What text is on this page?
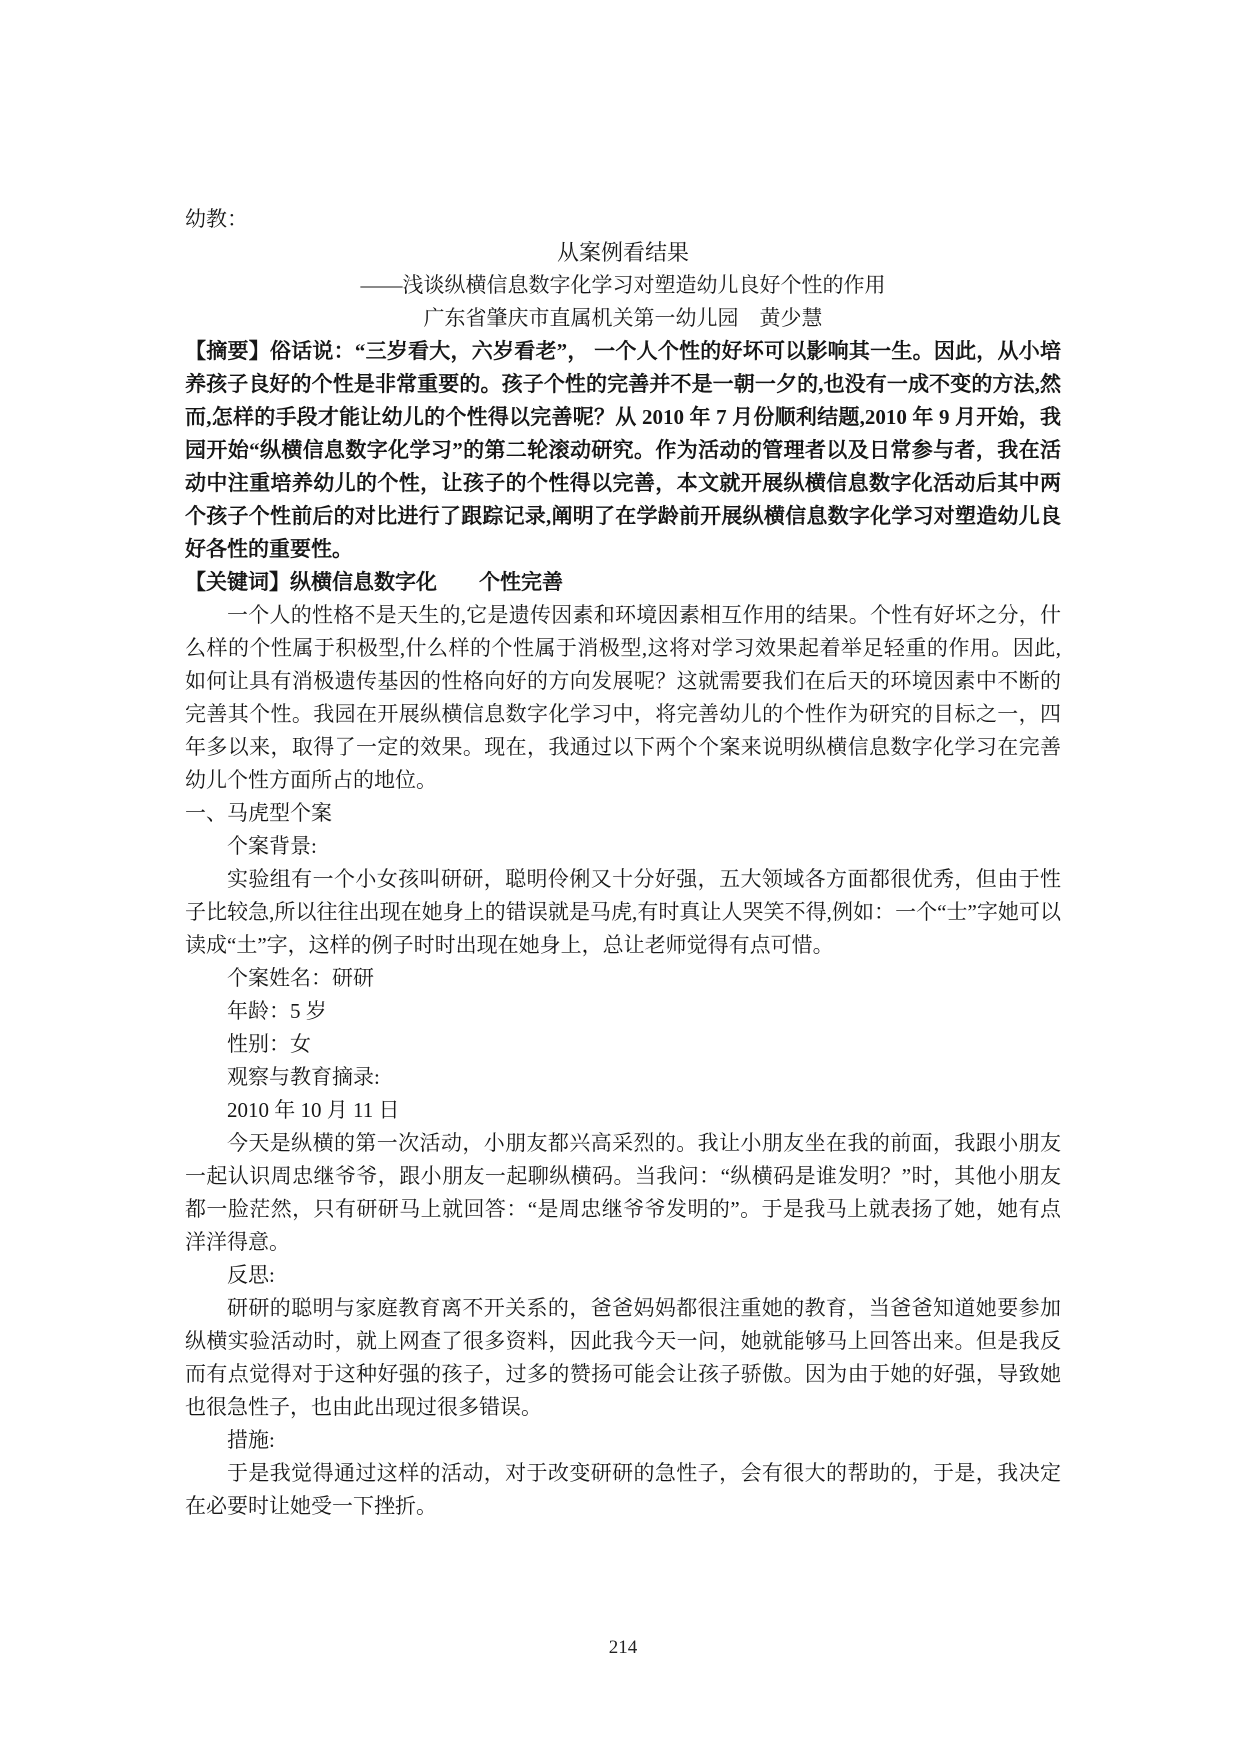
幼教：
从案例看结果
——浅谈纵横信息数字化学习对塑造幼儿良好个性的作用
广东省肇庆市直属机关第一幼儿园　黄少慧

【摘要】俗话说：“三岁看大，六岁看老”， 一个人个性的好坏可以影响其一生。因此，从小培养孩子良好的个性是非常重要的。孩子个性的完善并不是一朝一夕的,也没有一成不变的方法,然而,怎样的手段才能让幼儿的个性得以完善呢？从 2010 年 7 月份顺利结题,2010 年 9 月开始，我园开始“纵横信息数字化学习”的第二轮滚动研究。作为活动的管理者以及日常参与者，我在活动中注重培养幼儿的个性，让孩子的个性得以完善，本文就开展纵横信息数字化活动后其中两个孩子个性前后的对比进行了跟踪记录,阐明了在学龄前开展纵横信息数字化学习对塑造幼儿良好各性的重要性。

【关键词】纵横信息数字化　　个性完善

一个人的性格不是天生的,它是遗传因素和环境因素相互作用的结果。个性有好坏之分，什么样的个性属于积极型,什么样的个性属于消极型,这将对学习效果起着举足轻重的作用。因此,如何让具有消极遗传基因的性格向好的方向发展呢？这就需要我们在后天的环境因素中不断的完善其个性。我园在开展纵横信息数字化学习中，将完善幼儿的个性作为研究的目标之一，四年多以来，取得了一定的效果。现在，我通过以下两个个案来说明纵横信息数字化学习在完善幼儿个性方面所占的地位。

一、马虎型个案
个案背景:

实验组有一个小女孩叫研研，聪明伶俐又十分好强，五大领域各方面都很优秀，但由于性子比较急,所以往往出现在她身上的错误就是马虎,有时真让人哭笑不得,例如：一个“士”字她可以读成“土”字，这样的例子时时出现在她身上，总让老师觉得有点可惜。

个案姓名：研研
年龄：5 岁
性别：女
观察与教育摘录:
2010 年 10 月 11 日

今天是纵横的第一次活动，小朋友都兴高采烈的。我让小朋友坐在我的前面，我跟小朋友一起认识周忠继爷爷，跟小朋友一起聊纵横码。当我问：“纵横码是谁发明？”时，其他小朋友都一脸茫然，只有研研马上就回答：“是周忠继爷爷发明的”。于是我马上就表扬了她，她有点洋洋得意。

反思:

研研的聪明与家庭教育离不开关系的，爸爸妈妈都很注重她的教育，当爸爸知道她要参加纵横实验活动时，就上网查了很多资料，因此我今天一问，她就能够马上回答出来。但是我反而有点觉得对于这种好强的孩子，过多的赞扬可能会让孩子骄傲。因为由于她的好强，导致她也很急性子，也由此出现过很多错误。

措施:

于是我觉得通过这样的活动，对于改变研研的急性子，会有很大的帮助的，于是，我决定在必要时让她受一下挫折。

214
